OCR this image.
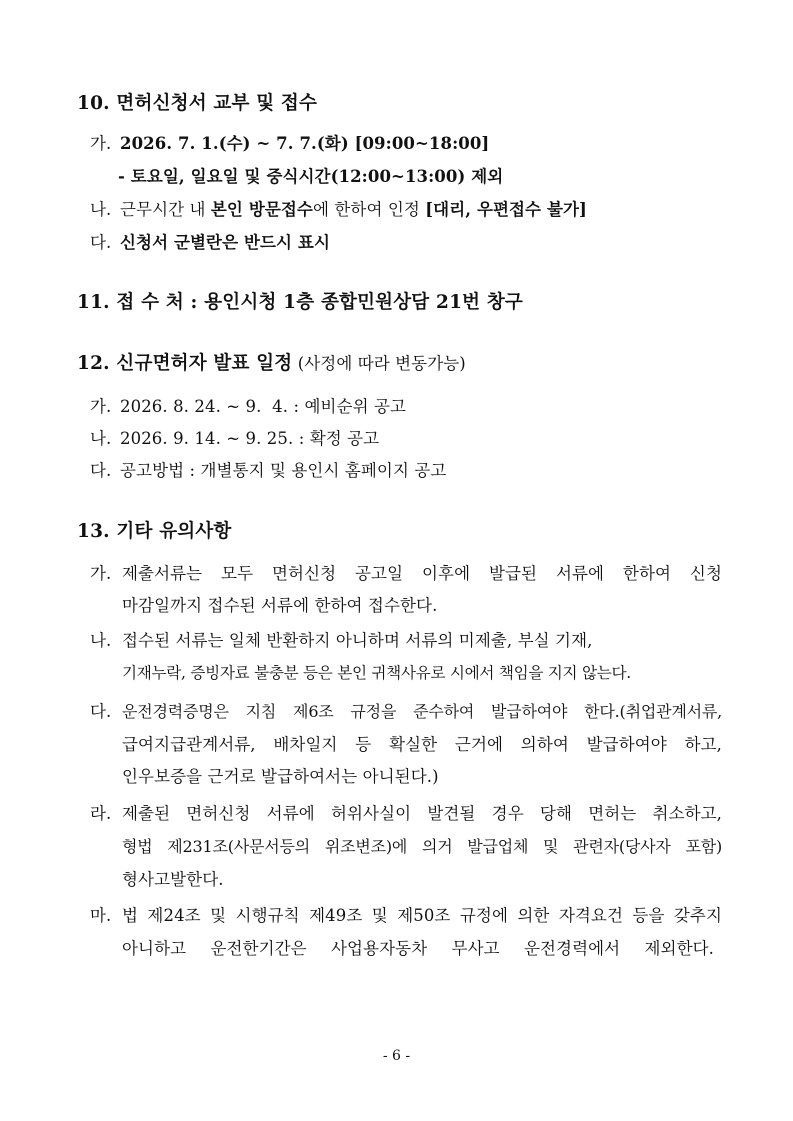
10. 면허신청서 교부 및 접수
가. 2026. 7. 1.(수) ~ 7. 7.(화) [09:00~18:00]
- 토요일, 일요일 및 중식시간(12:00~13:00) 제외
나. 근무시간 내 본인 방문접수에 한하여 인정 [대리, 우편접수 불가]
다. 신청서 군별란은 반드시 표시
11. 접 수 처 : 용인시청 1층 종합민원상담 21번 창구
12. 신규면허자 발표 일정 (사정에 따라 변동가능)
가. 2026. 8. 24. ~ 9.  4. : 예비순위 공고
나. 2026. 9. 14. ~ 9. 25. : 확정 공고
다. 공고방법 : 개별통지 및 용인시 홈페이지 공고
13. 기타 유의사항
가. 제출서류는 모두 면허신청 공고일 이후에 발급된 서류에 한하여 신청
마감일까지 접수된 서류에 한하여 접수한다.
나. 접수된 서류는 일체 반환하지 아니하며 서류의 미제출, 부실 기재,
기재누락, 증빙자료 불충분 등은 본인 귀책사유로 시에서 책임을 지지 않는다.
다. 운전경력증명은 지침 제6조 규정을 준수하여 발급하여야 한다.(취업관계서류,
급여지급관계서류, 배차일지 등 확실한 근거에 의하여 발급하여야 하고,
인우보증을 근거로 발급하여서는 아니된다.)
라. 제출된 면허신청 서류에 허위사실이 발견될 경우 당해 면허는 취소하고,
형법 제231조(사문서등의 위조변조)에 의거 발급업체 및 관련자(당사자 포함)
형사고발한다.
마. 법 제24조 및 시행규칙 제49조 및 제50조 규정에 의한 자격요건 등을 갖추지
아니하고 운전한기간은 사업용자동차 무사고 운전경력에서 제외한다.
- 6 -
